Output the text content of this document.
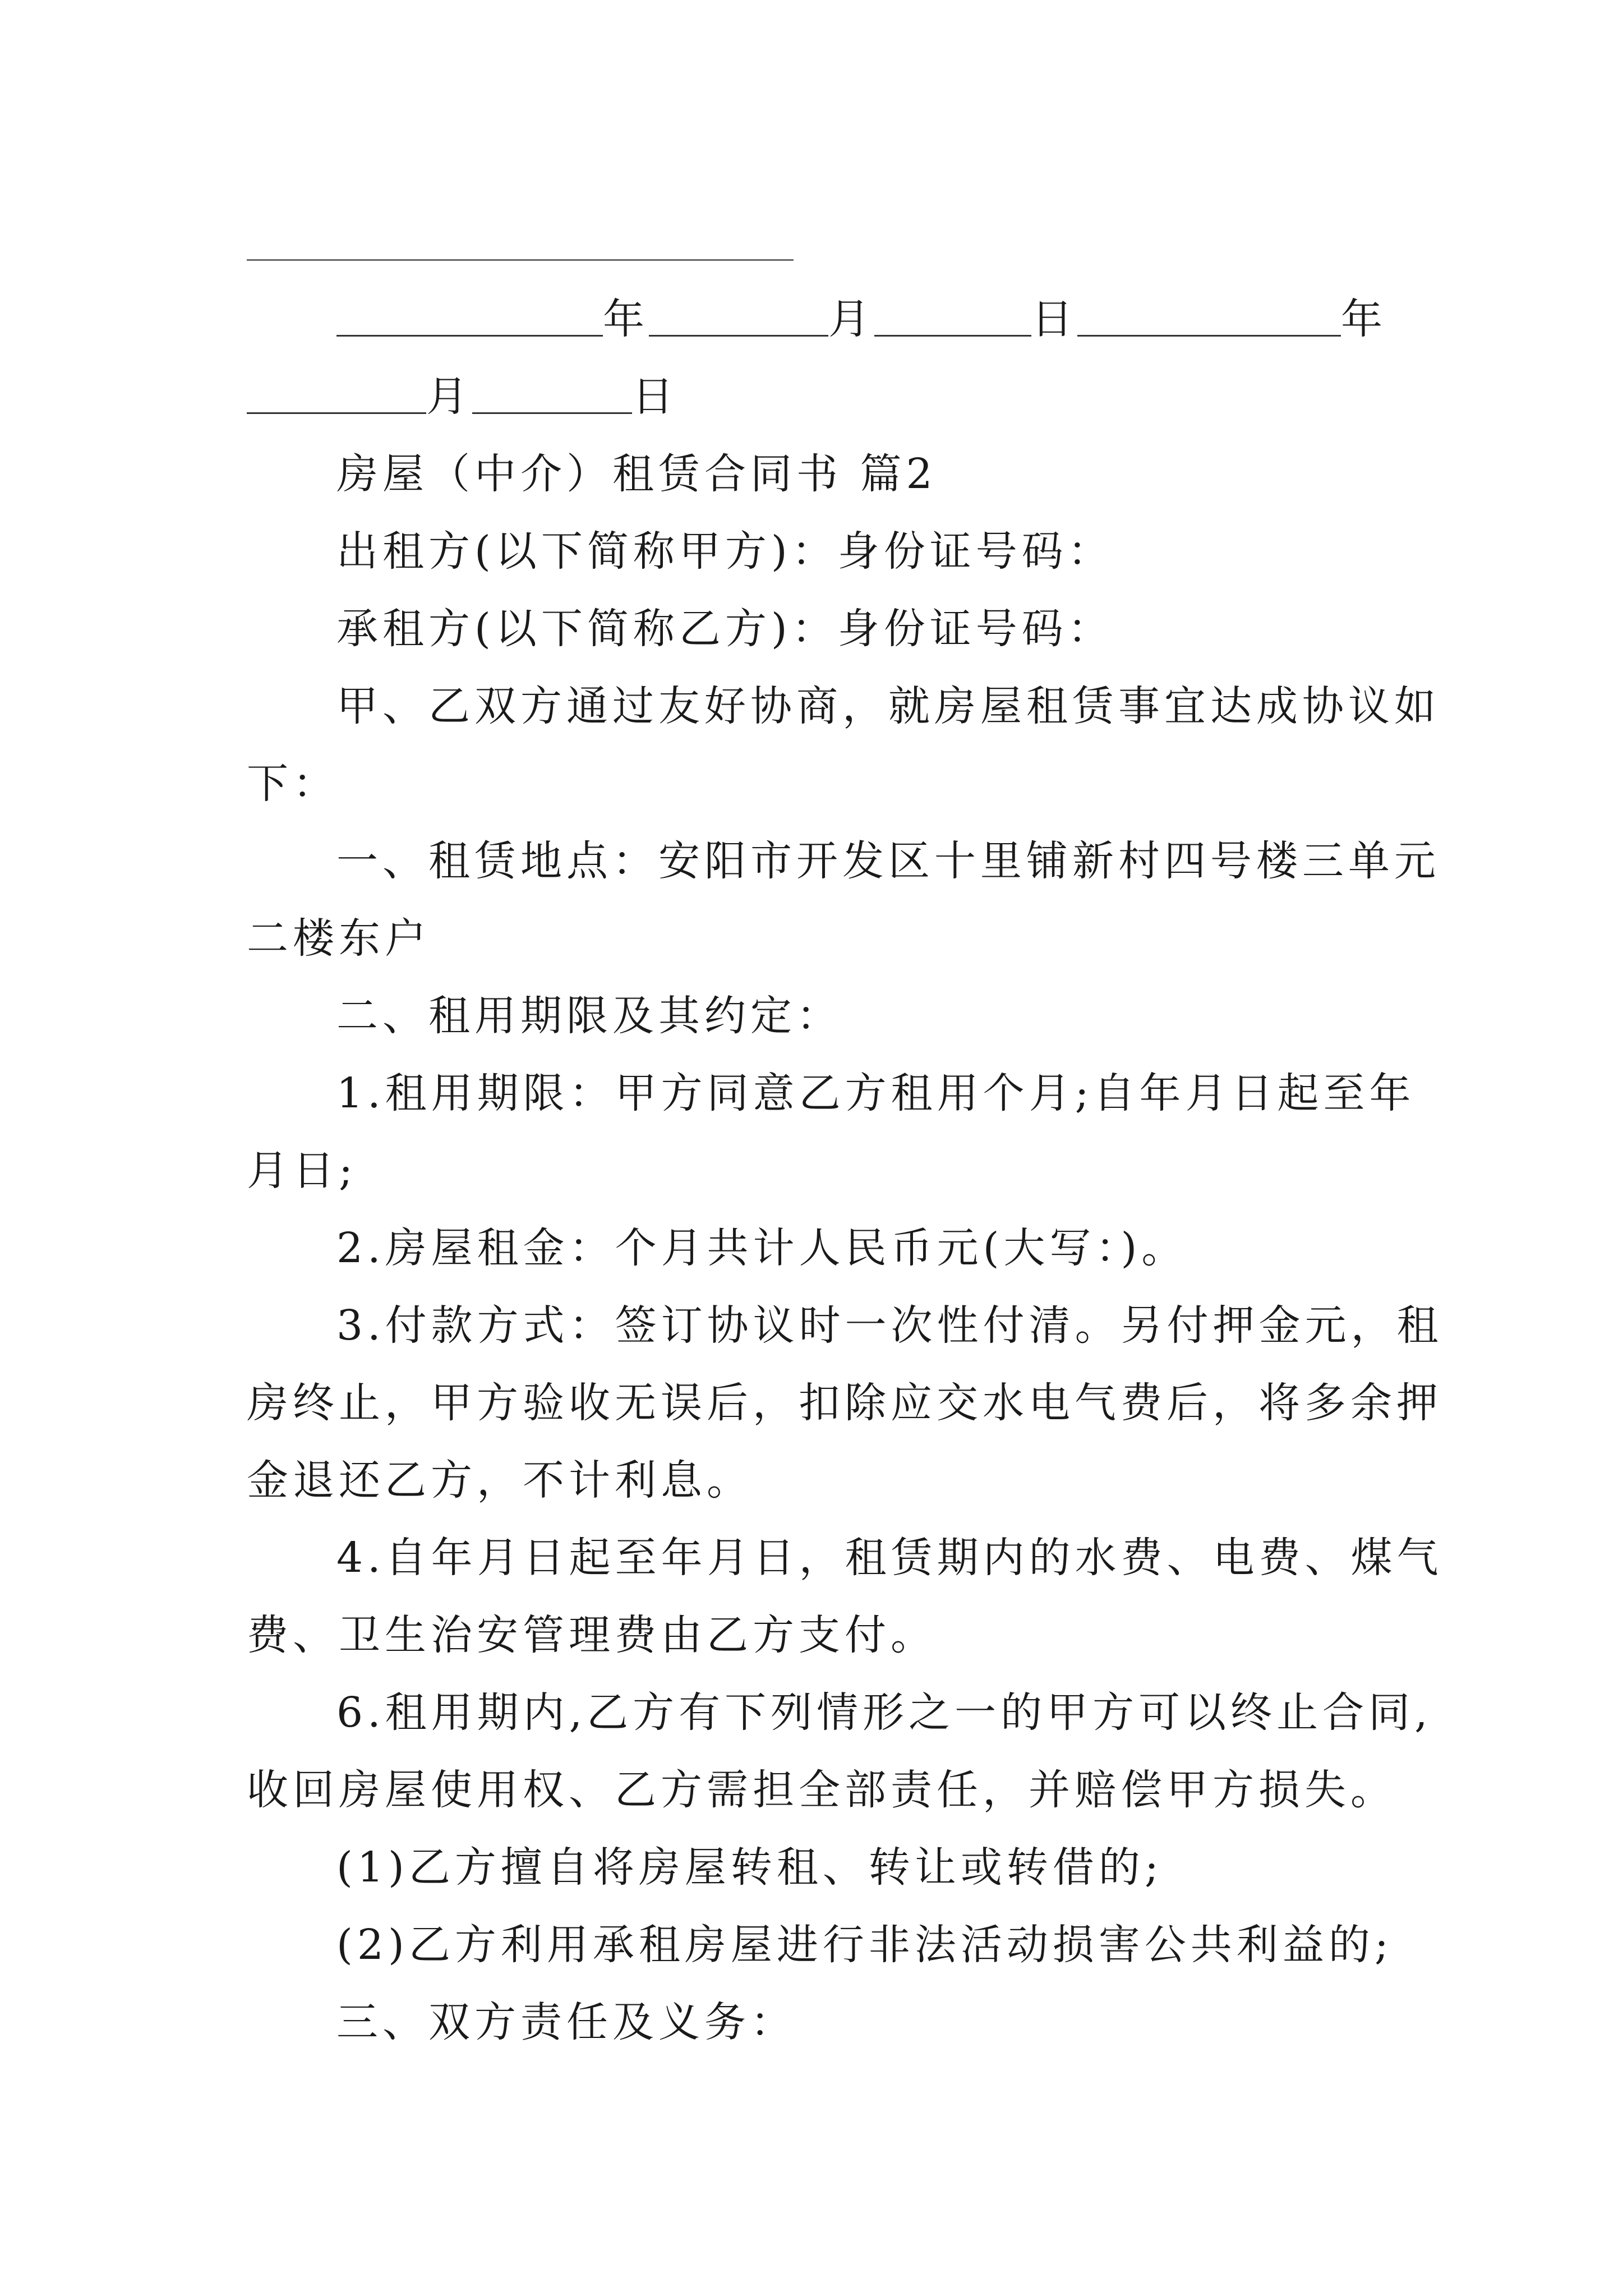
年	月	日	年
月	日
房屋（中介）租赁合同书 篇2
出租方(以下简称甲方)：身份证号码：
承租方(以下简称乙方)：身份证号码：
甲、乙双方通过友好协商，就房屋租赁事宜达成协议如
下：
一、租赁地点：安阳市开发区十里铺新村四号楼三单元
二楼东户
二、租用期限及其约定：
1.租用期限：甲方同意乙方租用个月;自年月日起至年
月日;
2.房屋租金：个月共计人民币元(大写：)。
3.付款方式：签订协议时一次性付清。另付押金元，租
房终止，甲方验收无误后，扣除应交水电气费后，将多余押
金退还乙方，不计利息。
4.自年月日起至年月日，租赁期内的水费、电费、煤气
费、卫生治安管理费由乙方支付。
6.租用期内,乙方有下列情形之一的甲方可以终止合同,
收回房屋使用权、乙方需担全部责任，并赔偿甲方损失。
(1)乙方擅自将房屋转租、转让或转借的;
(2)乙方利用承租房屋进行非法活动损害公共利益的;
三、双方责任及义务：
